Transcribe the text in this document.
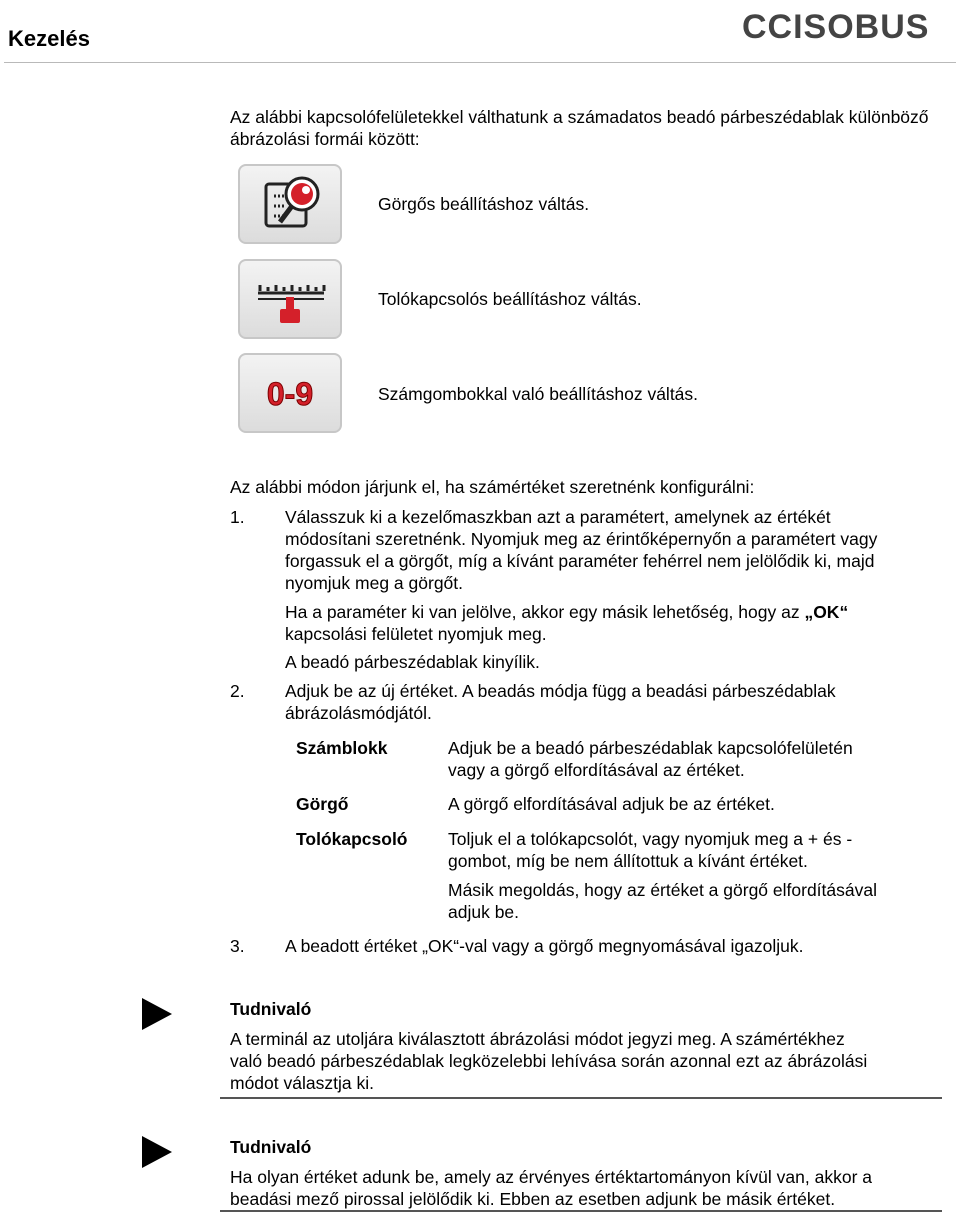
Kezelés	CCISOBUS
Az alábbi kapcsolófelületekkel válthatunk a számadatos beadó párbeszédablak különböző ábrázolási formái között:
Görgős beállításhoz váltás.
Tolókapcsolós beállításhoz váltás.
0-9	Számgombokkal való beállításhoz váltás.
Az alábbi módon járjunk el, ha számértéket szeretnénk konfigurálni:
1.	Válasszuk ki a kezelőmaszkban azt a paramétert, amelynek az értékét
módosítani szeretnénk. Nyomjuk meg az érintőképernyőn a paramétert vagy
forgassuk el a görgőt, míg a kívánt paraméter fehérrel nem jelölődik ki, majd
nyomjuk meg a görgőt.
Ha a paraméter ki van jelölve, akkor egy másik lehetőség, hogy az „OK“
kapcsolási felületet nyomjuk meg.
A beadó párbeszédablak kinyílik.
2.	Adjuk be az új értéket. A beadás módja függ a beadási párbeszédablak
ábrázolásmódjától.
Számblokk	Adjuk be a beadó párbeszédablak kapcsolófelületén
vagy a görgő elfordításával az értéket.
Görgő	A görgő elfordításával adjuk be az értéket.
Tolókapcsoló Toljuk el a tolókapcsolót, vagy nyomjuk meg a + és -
gombot, míg be nem állítottuk a kívánt értéket.
Másik megoldás, hogy az értéket a görgő elfordításával
adjuk be.
3.	A beadott értéket „OK“-val vagy a görgő megnyomásával igazoljuk.
Tudnivaló
A terminál az utoljára kiválasztott ábrázolási módot jegyzi meg. A számértékhez
való beadó párbeszédablak legközelebbi lehívása során azonnal ezt az ábrázolási
módot választja ki.
Tudnivaló
Ha olyan értéket adunk be, amely az érvényes értéktartományon kívül van, akkor a
beadási mező pirossal jelölődik ki. Ebben az esetben adjunk be másik értéket.
